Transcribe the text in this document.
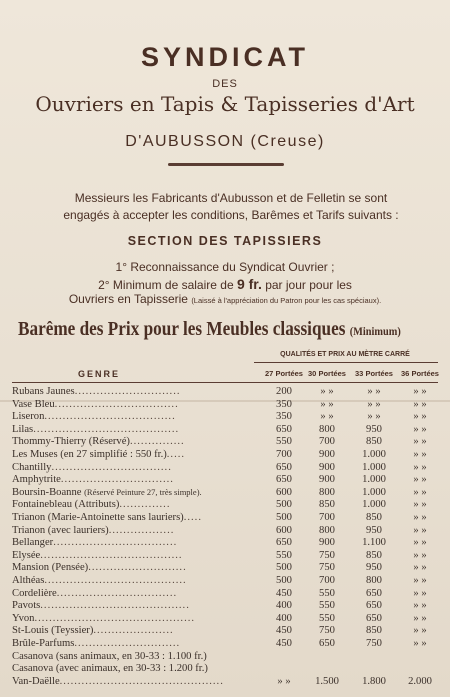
SYNDICAT
DES
Ouvriers en Tapis & Tapisseries d'Art
D'AUBUSSON (Creuse)
Messieurs les Fabricants d'Aubusson et de Felletin se sont
engagés à accepter les conditions, Barêmes et Tarifs suivants :
SECTION DES TAPISSIERS
1° Reconnaissance du Syndicat Ouvrier ;
2° Minimum de salaire de 9 fr. par jour pour les
Ouvriers en Tapisserie (Laissé à l'appréciation du Patron pour les cas spéciaux).
Barême des Prix pour les Meubles classiques (Minimum)
QUALITÉS ET PRIX AU MÈTRE CARRÉ
GENRE	27 Portées 30 Portées	33 Portées	36 Portées
Rubans Jaunes.............................	200	» »	» »	» »
Vase Bleu..................................	350	» »	» »	» »
Liseron....................................	350	» »	» »	» »
Lilas........................................	650	800	950	» »
Thommy-Thierry (Réservé)...............	550	700	850	» »
Les Muses (en 27 simplifié : 550 fr.).....	700	900	1.000	» »
Chantilly.................................	650	900	1.000	» »
Amphytrite...............................	650	900	1.000	» »
Boursin-Boanne (Réservé Peinture 27, très simple).	600	800	1.000	» »
Fontainebleau (Attributs)..............	500	850	1.000	» »
Trianon (Marie-Antoinette sans lauriers).....	500	700	850	» »
Trianon (avec lauriers)..................	600	800	950	» »
Bellanger..................................	650	900	1.100	» »
Elysée.......................................	550	750	850	» »
Mansion (Pensée)...........................	500	750	950	» »
Althéas.......................................	500	700	800	» »
Cordelière.................................	450	550	650	» »
Pavots.........................................	400	550	650	» »
Yvon............................................	400	550	650	» »
St-Louis (Teyssier)......................	450	750	850	» »
Brûle-Parfums.............................	450	650	750	» »
Casanova (sans animaux, en 30-33 : 1.100 fr.)
Casanova (avec animaux, en 30-33 : 1.200 fr.)
Van-Daëlle.............................................	» »	1.500	1.800	2.000
